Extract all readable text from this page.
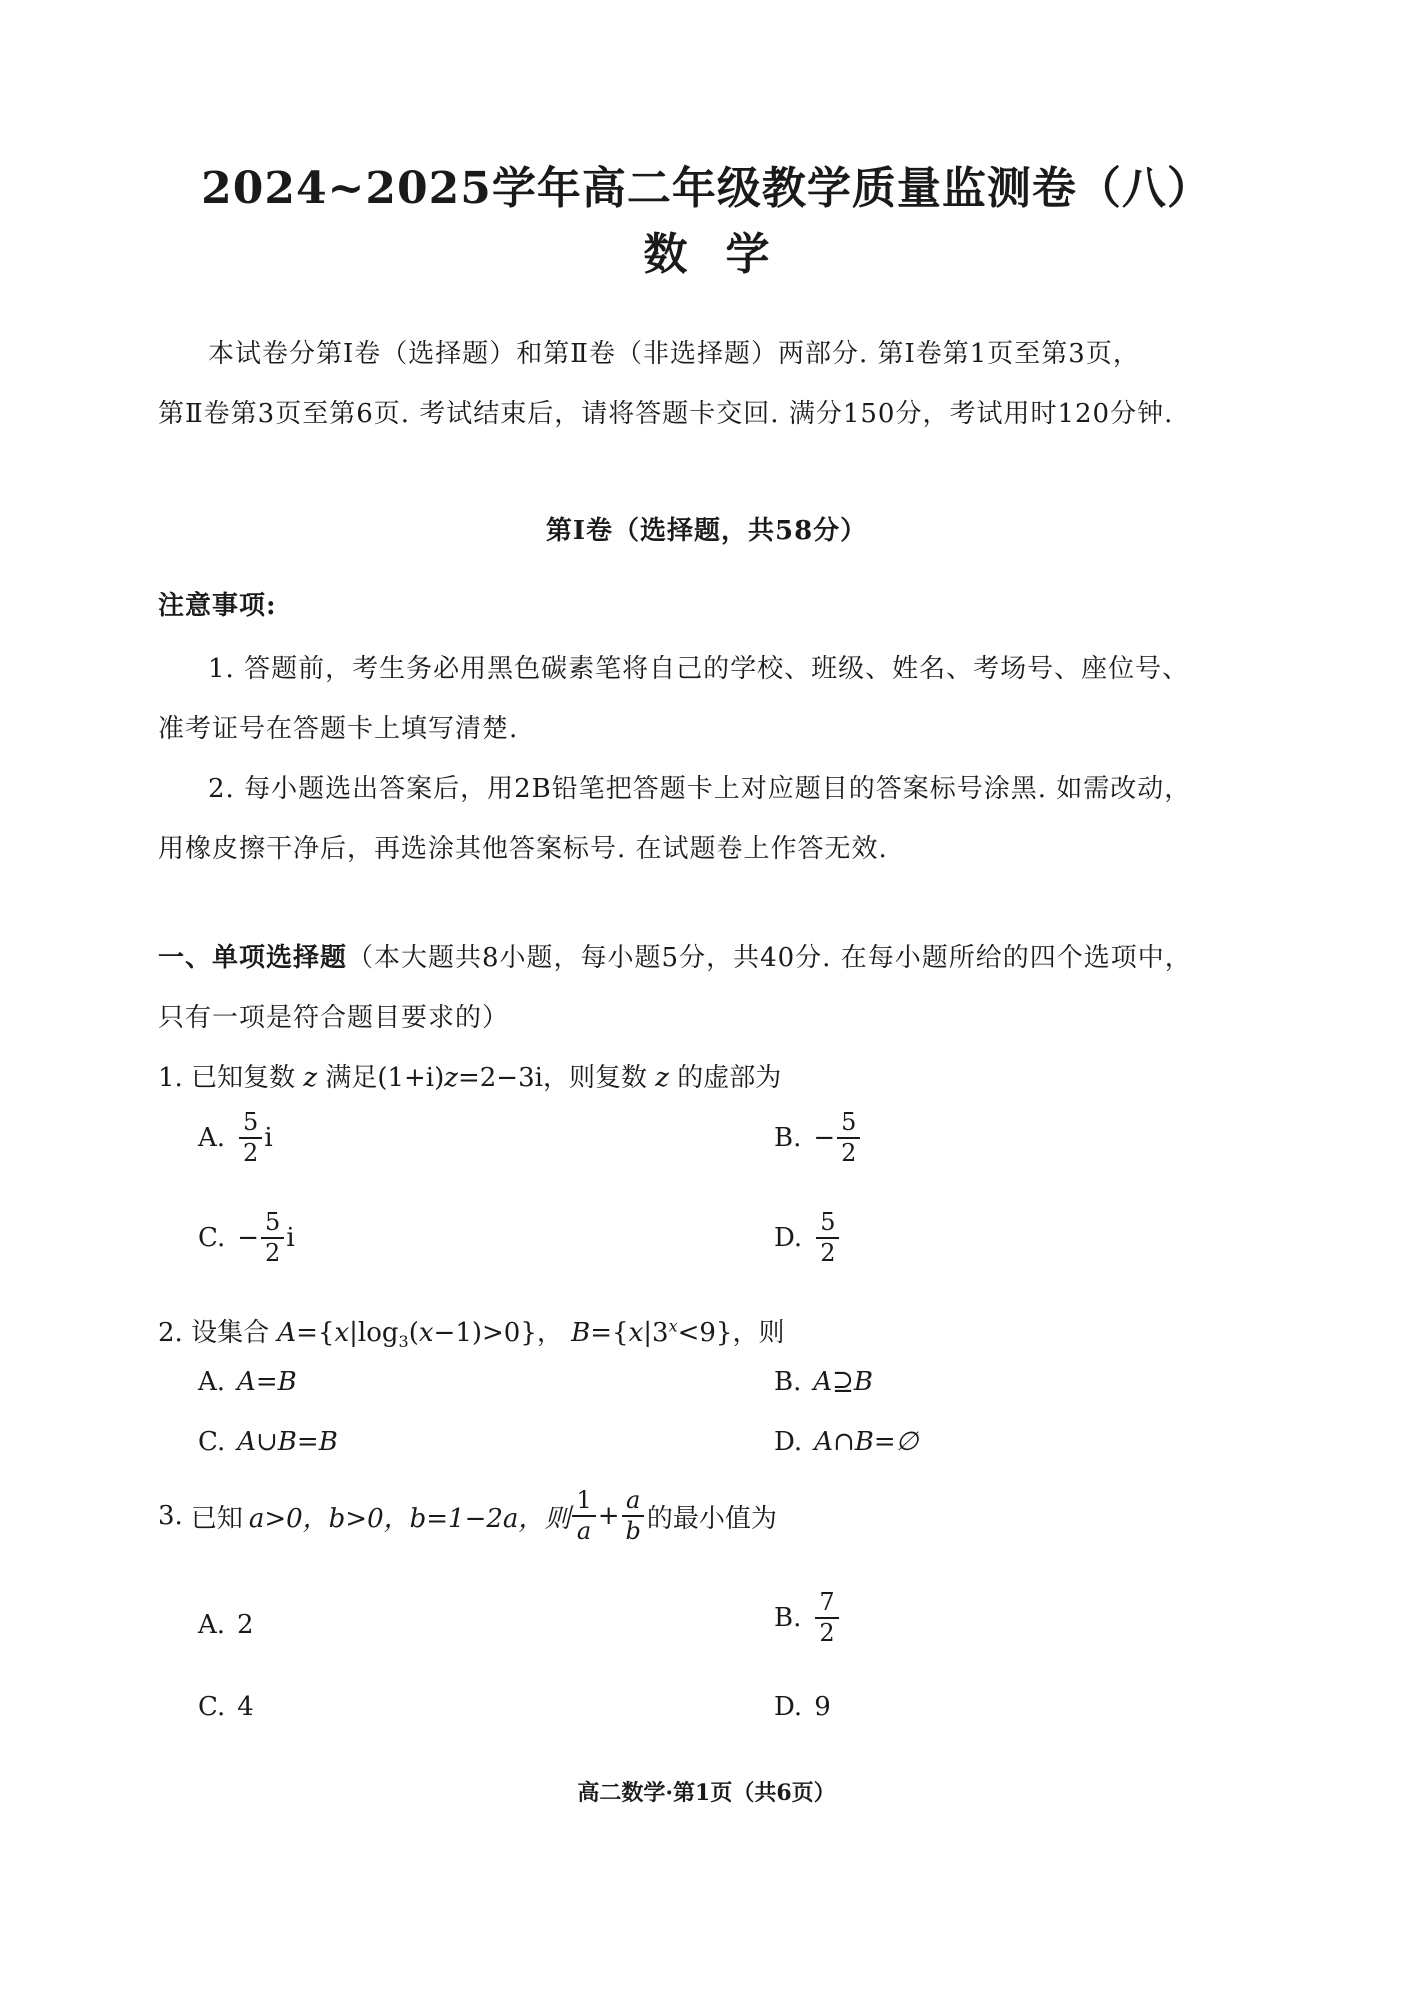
2024~2025学年高二年级教学质量监测卷（八）
数学
本试卷分第Ⅰ卷（选择题）和第Ⅱ卷（非选择题）两部分. 第Ⅰ卷第1页至第3页，
第Ⅱ卷第3页至第6页. 考试结束后，请将答题卡交回. 满分150分，考试用时120分钟.
第Ⅰ卷（选择题，共58分）
注意事项:
1. 答题前，考生务必用黑色碳素笔将自己的学校、班级、姓名、考场号、座位号、
准考证号在答题卡上填写清楚.
2. 每小题选出答案后，用2B铅笔把答题卡上对应题目的答案标号涂黑. 如需改动，
用橡皮擦干净后，再选涂其他答案标号. 在试题卷上作答无效.
一、单项选择题（本大题共8小题，每小题5分，共40分. 在每小题所给的四个选项中，
只有一项是符合题目要求的）
1. 已知复数 z 满足(1+i)z=2−3i，则复数 z 的虚部为
A. $\frac{5}{2}$ i	B. − $\frac{5}{2}$
C. − $\frac{5}{2}$ i	D. $\frac{5}{2}$
2. 设集合 $A=\{x|\log_3(x-1)>0\}$， $B=\{x|3^x<9\}$，则
A. A=B	B. A⊇B
C. A∪B=B	D. A∩B=∅
3. 已知 a>0，b>0，b=1−2a，则 $\frac{1}{a} + \frac{a}{b}$ 的最小值为
A. 2	B. $\frac{7}{2}$
C. 4	D. 9
高二数学·第1页（共6页）
